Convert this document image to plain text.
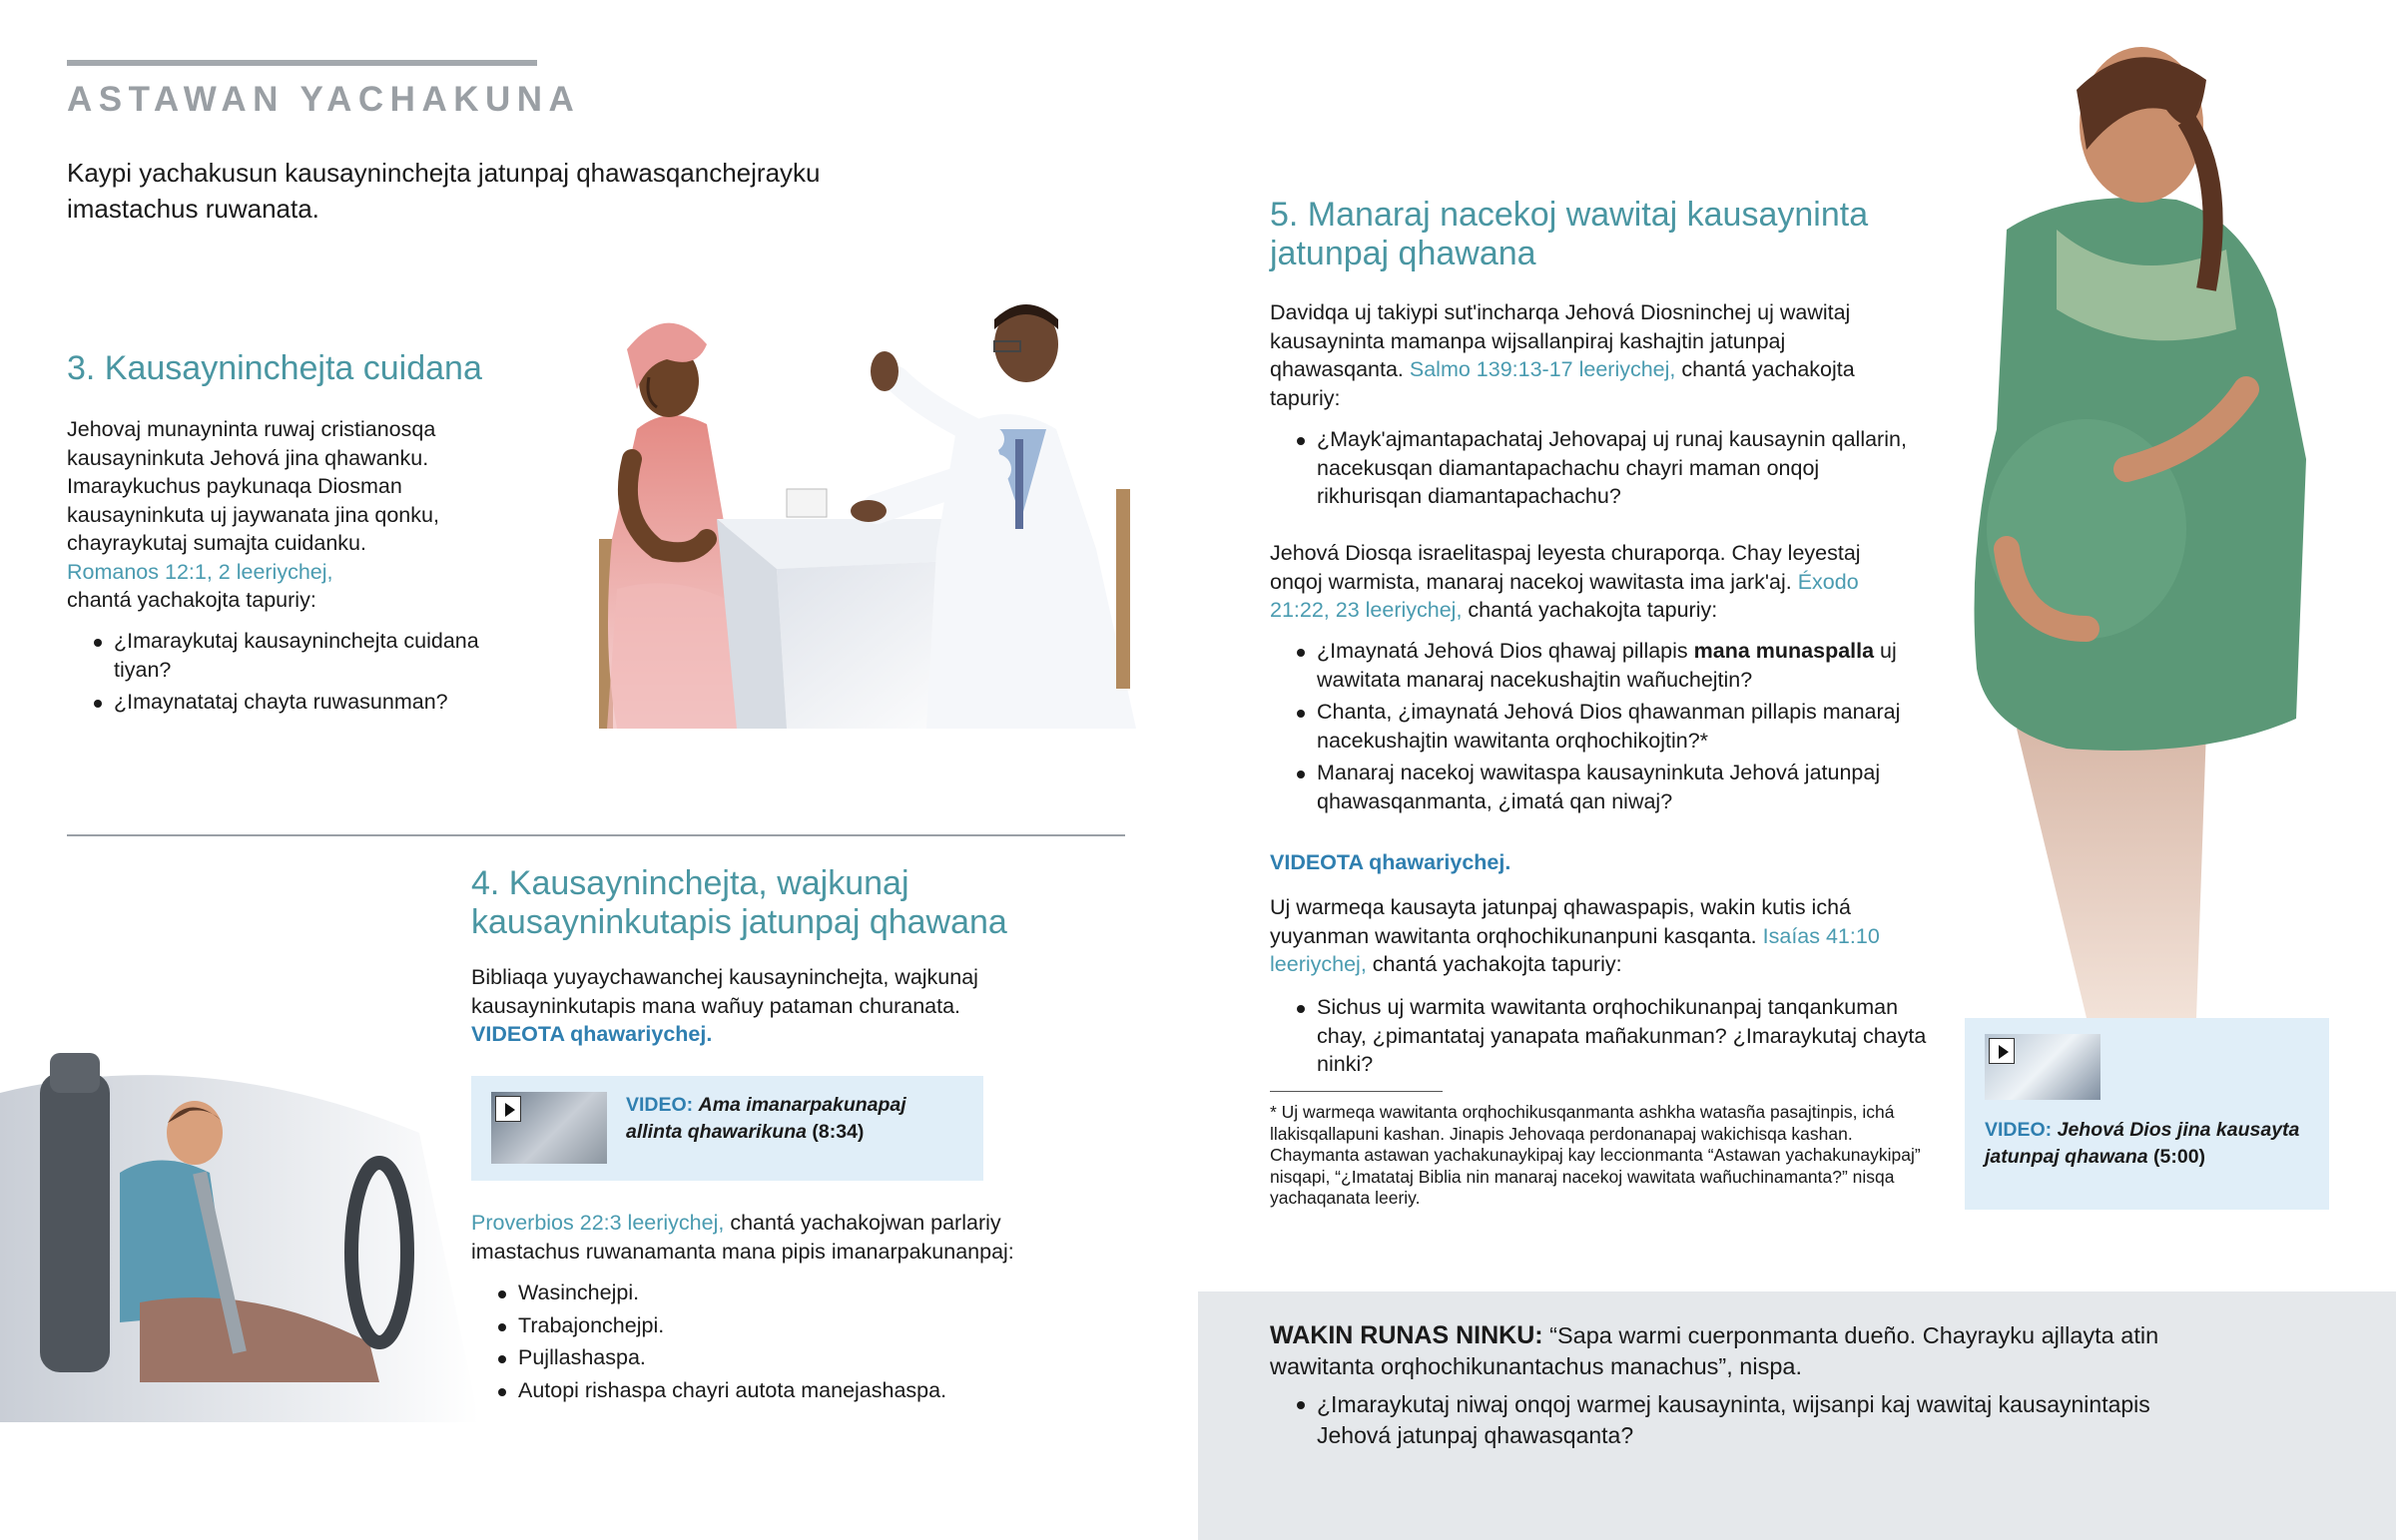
ASTAWAN YACHAKUNA

Kaypi yachakusun kausayninchejta jatunpaj qhawasqanchejrayku imastachus ruwanata.

3. Kausayninchejta cuidana
Jehovaj munayninta ruwaj cristianosqa kausayninkuta Jehová jina qhawanku. Imaraykuchus paykunaqa Diosman kausayninkuta uj jaywanata jina qonku, chayraykutaj sumajta cuidanku.
Romanos 12:1, 2 leeriychej,
chantá yachakojta tapuriy:
¿Imaraykutaj kausayninchejta cuidana tiyan?
¿Imaynatataj chayta ruwasunman?
4. Kausayninchejta, wajkunaj kausayninkutapis jatunpaj qhawana
Bibliaqa yuyaychawanchej kausayninchejta, wajkunaj kausayninkutapis mana wañuy pataman churanata.
VIDEOTA qhawariychej.
VIDEO: Ama imanarpakunapaj allinta qhawarikuna (8:34)
Proverbios 22:3 leeriychej, chantá yachakojwan parlariy imastachus ruwanamanta mana pipis imanarpakunanpaj:
Wasinchejpi.
Trabajonchejpi.
Pujllashaspa.
Autopi rishaspa chayri autota manejashaspa.
5. Manaraj nacekoj wawitaj kausayninta jatunpaj qhawana
Davidqa uj takiypi sut'incharqa Jehová Diosninchej uj wawitaj kausayninta mamanpa wijsallanpiraj kashajtin jatunpaj qhawasqanta. Salmo 139:13-17 leeriychej, chantá yachakojta tapuriy:
¿Mayk'ajmantapachataj Jehovapaj uj runaj kausaynin qallarin, nacekusqan diamantapachachu chayri maman onqoj rikhurisqan diamantapachachu?
Jehová Diosqa israelitaspaj leyesta churaporqa. Chay leyestaj onqoj warmista, manaraj nacekoj wawitasta ima jark'aj. Éxodo 21:22, 23 leeriychej, chantá yachakojta tapuriy:
¿Imaynatá Jehová Dios qhawaj pillapis mana munaspalla uj wawitata manaraj nacekushajtin wañuchejtin?
Chanta, ¿imaynatá Jehová Dios qhawanman pillapis manaraj nacekushajtin wawitanta orqhochikojtin?*
Manaraj nacekoj wawitaspa kausayninkuta Jehová jatunpaj qhawasqanmanta, ¿imatá qan niwaj?
VIDEOTA qhawariychej.
Uj warmeqa kausayta jatunpaj qhawaspapis, wakin kutis ichá yuyanman wawitanta orqhochikunanpuni kasqanta. Isaías 41:10 leeriychej, chantá yachakojta tapuriy:
Sichus uj warmita wawitanta orqhochikunanpaj tanqankuman chay, ¿pimantataj yanapata mañakunman? ¿Imaraykutaj chayta ninki?

* Uj warmeqa wawitanta orqhochikusqanmanta ashkha watasña pasajtinpis, ichá llakisqallapuni kashan. Jinapis Jehovaqa perdonanapaj wakichisqa kashan. Chaymanta astawan yachakunaykipaj kay leccionmanta “Astawan yachakunaykipaj” nisqapi, “¿Imatataj Biblia nin manaraj nacekoj wawitata wañuchinamanta?” nisqa yachaqanata leeriy.

VIDEO: Jehová Dios jina kausayta jatunpaj qhawana (5:00)
WAKIN RUNAS NINKU: “Sapa warmi cuerponmanta dueño. Chayrayku ajllayta atin wawitanta orqhochikunantachus manachus”, nispa.
¿Imaraykutaj niwaj onqoj warmej kausayninta, wijsanpi kaj wawitaj kausaynintapis Jehová jatunpaj qhawasqanta?
